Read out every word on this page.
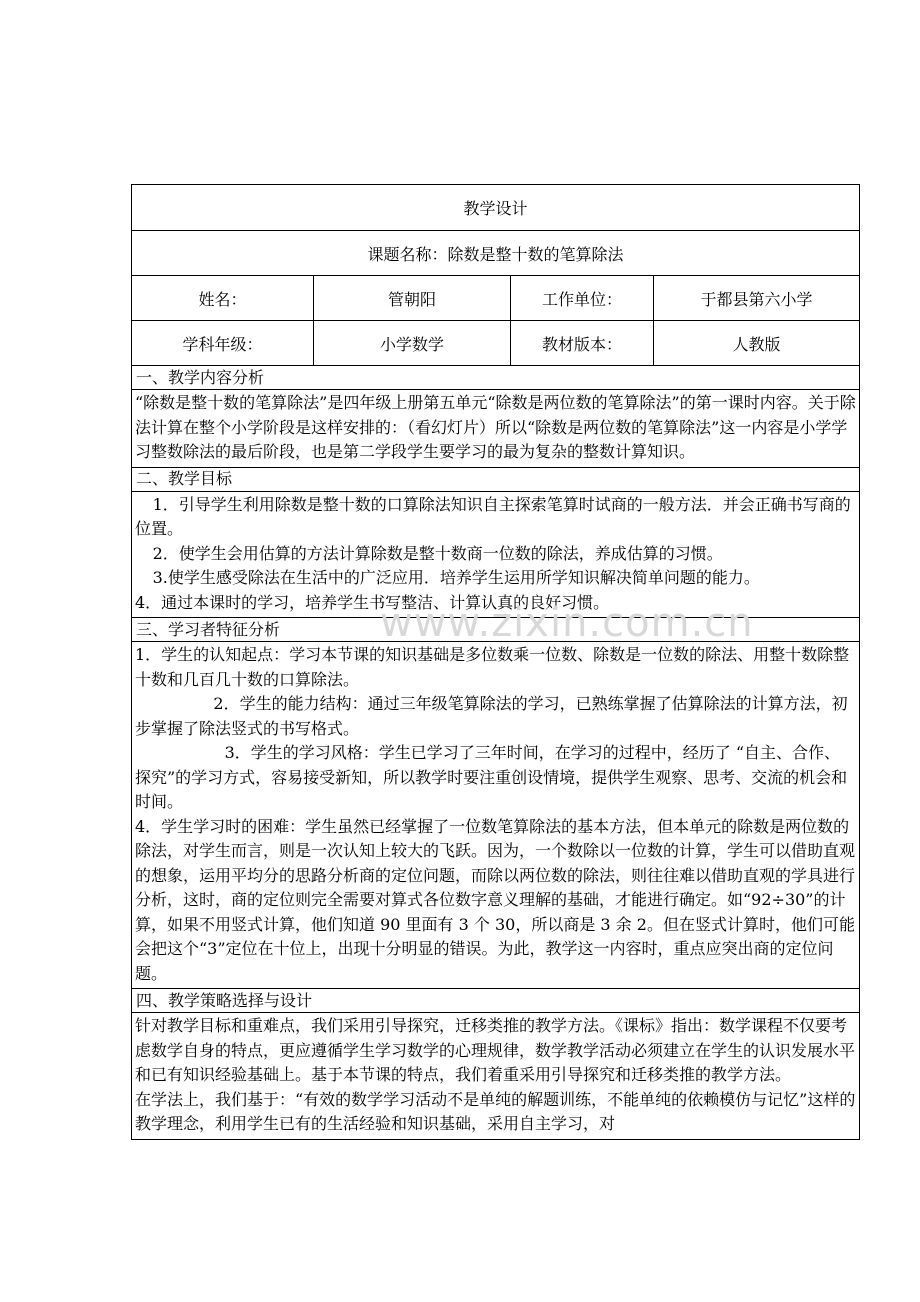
教学设计			
课题名称：除数是整十数的笔算除法			
姓名：	管朝阳	工作单位：	于都县第六小学
学科年级：	小学数学	教材版本：	人教版
一、教学内容分析			

“除数是整十数的笔算除法”是四年级上册第五单元“除数是两位数的笔算除法”的第一课时内容。关于除法计算在整个小学阶段是这样安排的：（看幻灯片）所以“除数是两位数的笔算除法”这一内容是小学学习整数除法的最后阶段，也是第二学段学生要学习的最为复杂的整数计算知识。			

二、教学目标			

1．引导学生利用除数是整十数的口算除法知识自主探索笔算时试商的一般方法．并会正确书写商的位置。

2．使学生会用估算的方法计算除数是整十数商一位数的除法，养成估算的习惯。

3.使学生感受除法在生活中的广泛应用．培养学生运用所学知识解决简单问题的能力。

4．通过本课时的学习，培养学生书写整洁、计算认真的良好习惯。			

三、学习者特征分析			

1．学生的认知起点：学习本节课的知识基础是多位数乘一位数、除数是一位数的除法、用整十数除整十数和几百几十数的口算除法。

2．学生的能力结构：通过三年级笔算除法的学习，已熟练掌握了估算除法的计算方法，初步掌握了除法竖式的书写格式。

3．学生的学习风格：学生已学习了三年时间，在学习的过程中，经历了 “自主、合作、探究”的学习方式，容易接受新知，所以教学时要注重创设情境，提供学生观察、思考、交流的机会和时间。

4．学生学习时的困难：学生虽然已经掌握了一位数笔算除法的基本方法，但本单元的除数是两位数的除法，对学生而言，则是一次认知上较大的飞跃。因为，一个数除以一位数的计算，学生可以借助直观的想象，运用平均分的思路分析商的定位问题，而除以两位数的除法，则往往难以借助直观的学具进行分析，这时，商的定位则完全需要对算式各位数字意义理解的基础，才能进行确定。如“92÷30”的计算，如果不用竖式计算，他们知道 90 里面有 3 个 30，所以商是 3 余 2。但在竖式计算时，他们可能会把这个“3”定位在十位上，出现十分明显的错误。为此，教学这一内容时，重点应突出商的定位问题。			

四、教学策略选择与设计			

针对教学目标和重难点，我们采用引导探究，迁移类推的教学方法。《课标》指出：数学课程不仅要考虑数学自身的特点，更应遵循学生学习数学的心理规律，数学教学活动必须建立在学生的认识发展水平和已有知识经验基础上。基于本节课的特点，我们着重采用引导探究和迁移类推的教学方法。

在学法上，我们基于：“有效的数学学习活动不是单纯的解题训练，不能单纯的依赖模仿与记忆”这样的教学理念，利用学生已有的生活经验和知识基础，采用自主学习，对			

www.zixin.com.cn
